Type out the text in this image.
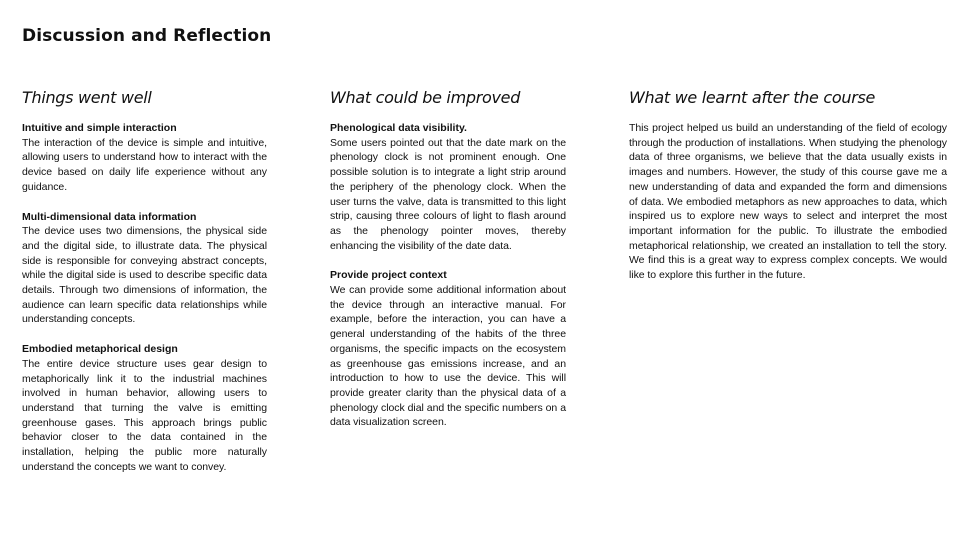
Discussion and Reflection
Things went well

Intuitive and simple interaction

The interaction of the device is simple and intuitive, allowing users to understand how to interact with the device based on daily life experience without any guidance.

Multi-dimensional data information

The device uses two dimensions, the physical side and the digital side, to illustrate data. The physical side is responsible for conveying abstract concepts, while the digital side is used to describe specific data details. Through two dimensions of information, the audience can learn specific data relationships while understanding concepts.

Embodied metaphorical design

The entire device structure uses gear design to metaphorically link it to the industrial machines involved in human behavior, allowing users to understand that turning the valve is emitting greenhouse gases. This approach brings public behavior closer to the data contained in the installation, helping the public more naturally understand the concepts we want to convey.

What could be improved

Phenological data visibility.

Some users pointed out that the date mark on the phenology clock is not prominent enough. One possible solution is to integrate a light strip around the periphery of the phenology clock. When the user turns the valve, data is transmitted to this light strip, causing three colours of light to flash around as the phenology pointer moves, thereby enhancing the visibility of the date data.

Provide project context

We can provide some additional information about the device through an interactive manual. For example, before the interaction, you can have a general understanding of the habits of the three organisms, the specific impacts on the ecosystem as greenhouse gas emissions increase, and an introduction to how to use the device. This will provide greater clarity than the physical data of a phenology clock dial and the specific numbers on a data visualization screen.

What we learnt after the course

This project helped us build an understanding of the field of ecology through the production of installations. When studying the phenology data of three organisms, we believe that the data usually exists in images and numbers. However, the study of this course gave me a new understanding of data and expanded the form and dimensions of data. We embodied metaphors as new approaches to data, which inspired us to explore new ways to select and interpret the most important information for the public. To illustrate the embodied metaphorical relationship, we created an installation to tell the story. We find this is a great way to express complex concepts. We would like to explore this further in the future.
